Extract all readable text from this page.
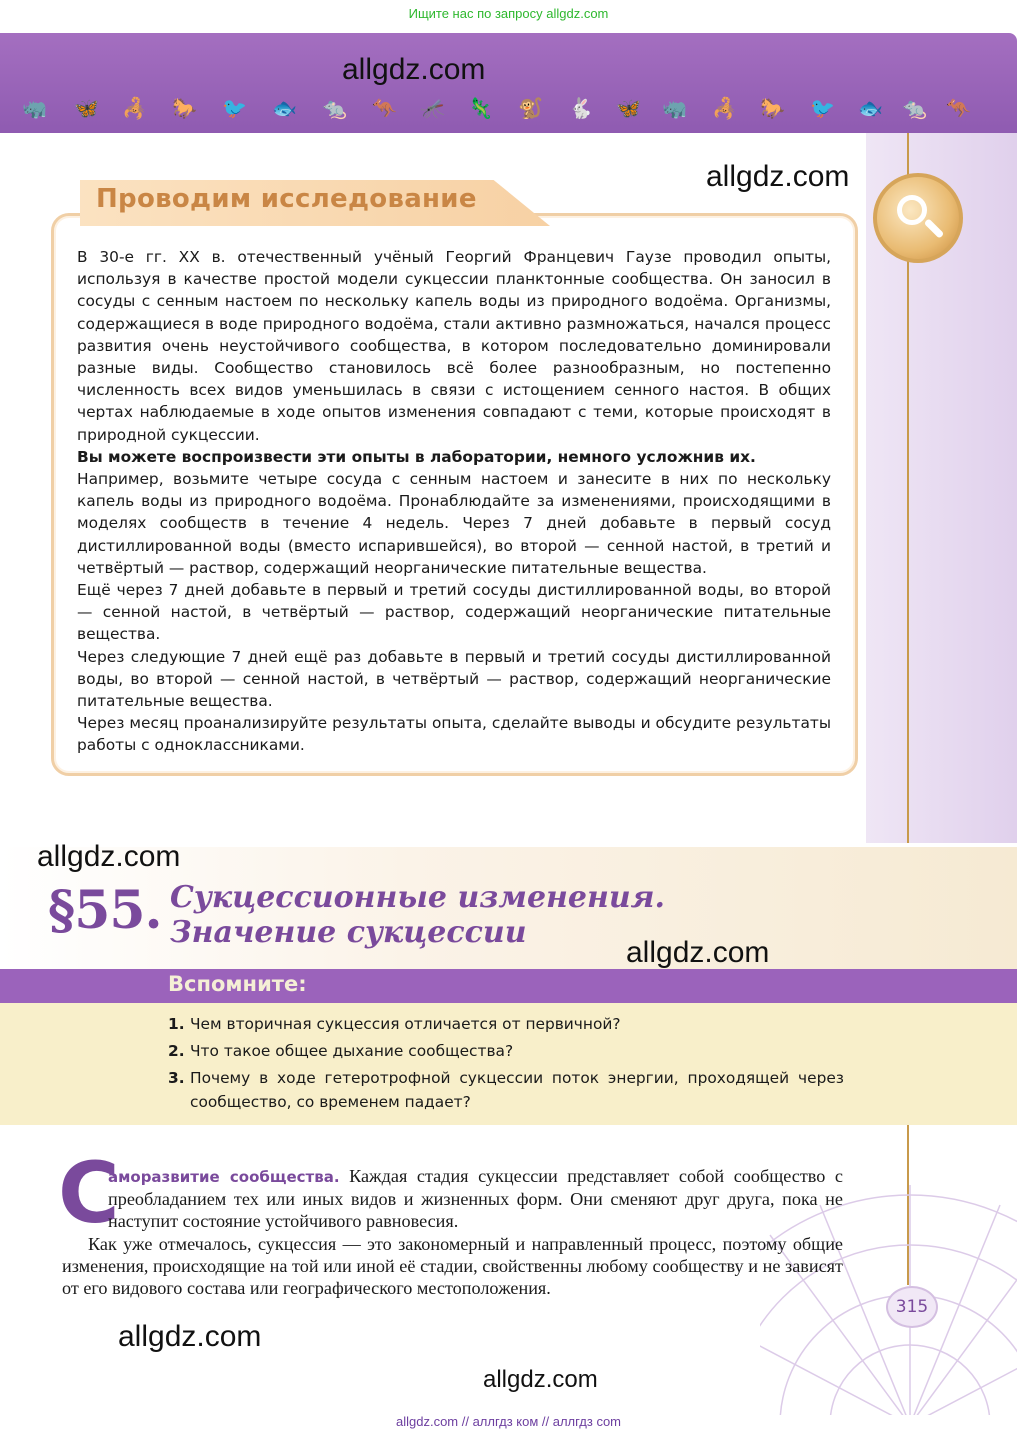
Ищите нас по запросу allgdz.com
🦏 🦋 🦂 🐎 🐦 🐟 🐀 🦘 🦟 🦎 🐒 🐇 🦋 🦏 🦂 🐎 🐦 🐟 🐀 🦘
allgdz.com
allgdz.com
Проводим исследование

В 30-е гг. XX в. отечественный учёный Георгий Францевич Гаузе проводил опыты, используя в качестве простой модели сукцессии планктонные сообщества. Он заносил в сосуды с сенным настоем по нескольку капель воды из природного водоёма. Организмы, содержащиеся в воде природного водоёма, стали активно размножаться, начался процесс развития очень неустойчивого сообщества, в котором последовательно доминировали разные виды. Сообщество становилось всё более разнообразным, но постепенно численность всех видов уменьшилась в связи с истощением сенного настоя. В общих чертах наблюдаемые в ходе опытов изменения совпадают с теми, которые происходят в природной сукцессии.

Вы можете воспроизвести эти опыты в лаборатории, немного усложнив их.

Например, возьмите четыре сосуда с сенным настоем и занесите в них по нескольку капель воды из природного водоёма. Пронаблюдайте за изменениями, происходящими в моделях сообществ в течение 4 недель. Через 7 дней добавьте в первый сосуд дистиллированной воды (вместо испарившейся), во второй — сенной настой, в третий и четвёртый — раствор, содержащий неорганические питательные вещества.

Ещё через 7 дней добавьте в первый и третий сосуды дистиллированной воды, во второй — сенной настой, в четвёртый — раствор, содержащий неорганические питательные вещества.

Через следующие 7 дней ещё раз добавьте в первый и третий сосуды дистиллированной воды, во второй — сенной настой, в четвёртый — раствор, содержащий неорганические питательные вещества.

Через месяц проанализируйте результаты опыта, сделайте выводы и обсудите результаты работы с одноклассниками.

allgdz.com
§55. Сукцессионные изменения.
Значение сукцессии
allgdz.com
Вспомните:
1. Чем вторичная сукцессия отличается от первичной?
2. Что такое общее дыхание сообщества?
3. Почему в ходе гетеротрофной сукцессии поток энергии, проходящей через сообщество, со временем падает?
С

аморазвитие сообщества. Каждая стадия сукцессии представляет собой сообщество с преобладанием тех или иных видов и жизненных форм. Они сменяют друг друга, пока не наступит состояние устойчивого равновесия.

Как уже отмечалось, сукцессия — это закономерный и направленный процесс, поэтому общие изменения, происходящие на той или иной её стадии, свойственны любому сообществу и не зависят от его видового состава или географического местоположения.

315
allgdz.com
allgdz.com
allgdz.com // аллгдз ком // аллгдз com
